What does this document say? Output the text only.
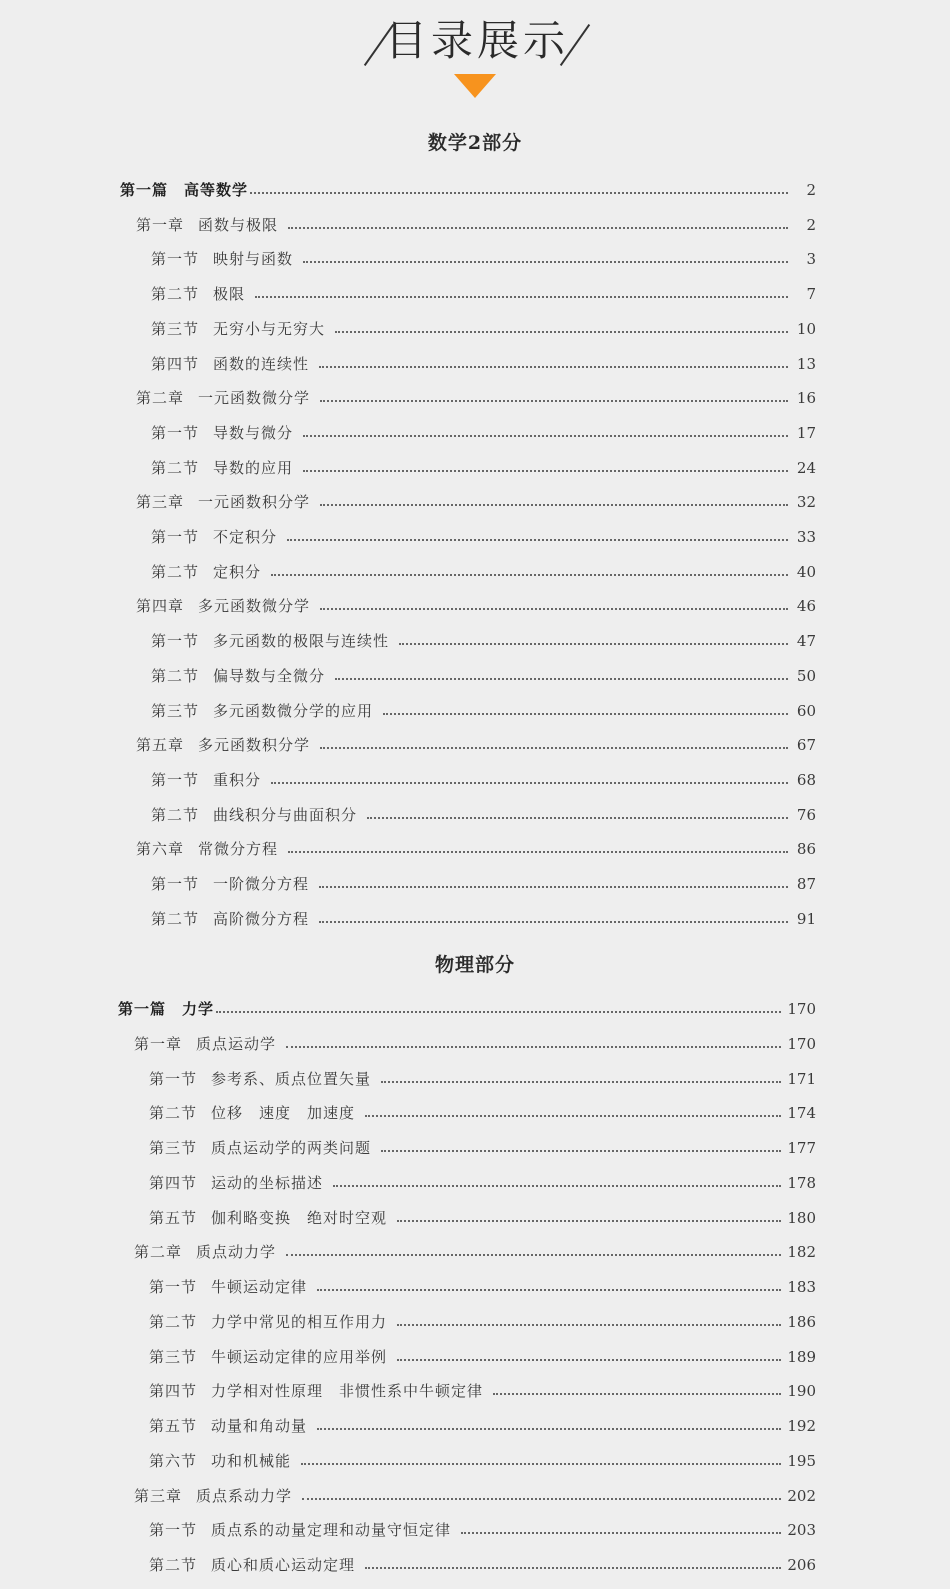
目录展示
数学2部分
第一篇 高等数学	2
第一章 函数与极限	2
第一节 映射与函数	3
第二节 极限	7
第三节 无穷小与无穷大	10
第四节 函数的连续性	13
第二章 一元函数微分学	16
第一节 导数与微分	17
第二节 导数的应用	24
第三章 一元函数积分学	32
第一节 不定积分	33
第二节 定积分	40
第四章 多元函数微分学	46
第一节 多元函数的极限与连续性	47
第二节 偏导数与全微分	50
第三节 多元函数微分学的应用	60
第五章 多元函数积分学	67
第一节 重积分	68
第二节 曲线积分与曲面积分	76
第六章 常微分方程	86
第一节 一阶微分方程	87
第二节 高阶微分方程	91
物理部分
第一篇 力学	170
第一章 质点运动学	170
第一节 参考系、质点位置矢量	171
第二节 位移　速度　加速度	174
第三节 质点运动学的两类问题	177
第四节 运动的坐标描述	178
第五节 伽利略变换　绝对时空观	180
第二章 质点动力学	182
第一节 牛顿运动定律	183
第二节 力学中常见的相互作用力	186
第三节 牛顿运动定律的应用举例	189
第四节 力学相对性原理　非惯性系中牛顿定律	190
第五节 动量和角动量	192
第六节 功和机械能	195
第三章 质点系动力学	202
第一节 质点系的动量定理和动量守恒定律	203
第二节 质心和质心运动定理	206
